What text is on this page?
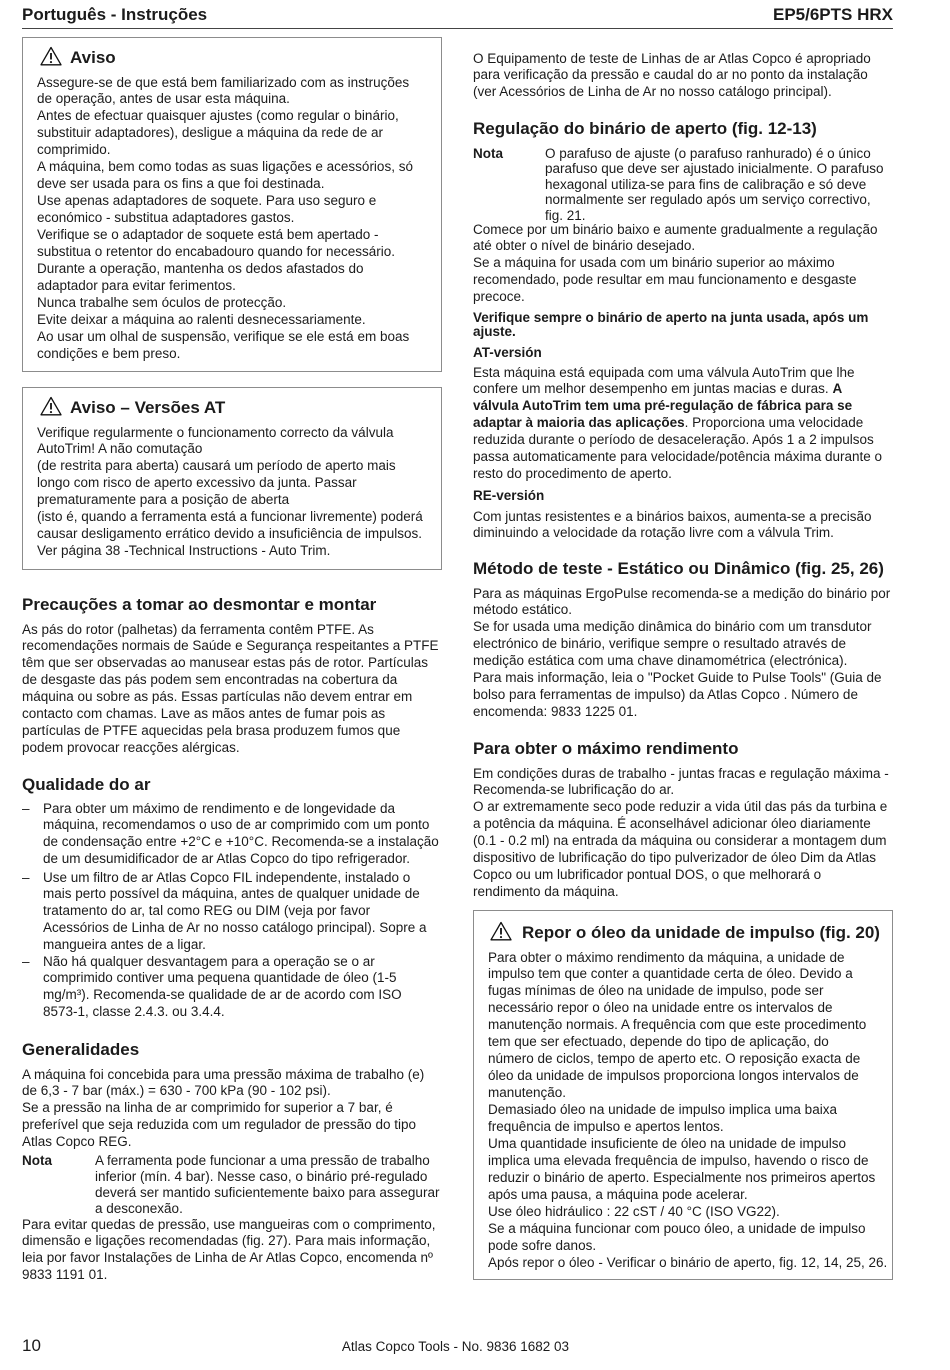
Português - Instruções	EP5/6PTS HRX
Aviso
Assegure-se de que está bem familiarizado com as instruções
de operação, antes de usar esta máquina.
Antes de efectuar quaisquer ajustes (como regular o binário,
substituir adaptadores), desligue a máquina da rede de ar
comprimido.
A máquina, bem como todas as suas ligações e acessórios, só
deve ser usada para os fins a que foi destinada.
Use apenas adaptadores de soquete. Para uso seguro e
económico - substitua adaptadores gastos.
Verifique se o adaptador de soquete está bem apertado -
substitua o retentor do encabadouro quando for necessário.
Durante a operação, mantenha os dedos afastados do
adaptador para evitar ferimentos.
Nunca trabalhe sem óculos de protecção.
Evite deixar a máquina ao ralenti desnecessariamente.
Ao usar um olhal de suspensão, verifique se ele está em boas
condições e bem preso.
Aviso – Versões AT
Verifique regularmente o funcionamento correcto da válvula
AutoTrim! A não comutação
(de restrita para aberta) causará um período de aperto mais
longo com risco de aperto excessivo da junta. Passar
prematuramente para a posição de aberta
(isto é, quando a ferramenta está a funcionar livremente) poderá
causar desligamento errático devido a insuficiência de impulsos.
Ver página 38 -Technical Instructions - Auto Trim.
Precauções a tomar ao desmontar e montar
As pás do rotor (palhetas) da ferramenta contêm PTFE. As
recomendações normais de Saúde e Segurança respeitantes a PTFE
têm que ser observadas ao manusear estas pás de rotor. Partículas
de desgaste das pás podem sem encontradas na cobertura da
máquina ou sobre as pás. Essas partículas não devem entrar em
contacto com chamas. Lave as mãos antes de fumar pois as
partículas de PTFE aquecidas pela brasa produzem fumos que
podem provocar reacções alérgicas.
Qualidade do ar
– Para obter um máximo de rendimento e de longevidade da
máquina, recomendamos o uso de ar comprimido com um ponto
de condensação entre +2°C e +10°C. Recomenda-se a instalação
de um desumidificador de ar Atlas Copco do tipo refrigerador.
– Use um filtro de ar Atlas Copco FIL independente, instalado o
mais perto possível da máquina, antes de qualquer unidade de
tratamento do ar, tal como REG ou DIM (veja por favor
Acessórios de Linha de Ar no nosso catálogo principal). Sopre a
mangueira antes de a ligar.
– Não há qualquer desvantagem para a operação se o ar
comprimido contiver uma pequena quantidade de óleo (1-5
mg/m³). Recomenda-se qualidade de ar de acordo com ISO
8573-1, classe 2.4.3. ou 3.4.4.
Generalidades
A máquina foi concebida para uma pressão máxima de trabalho (e)
de 6,3 - 7 bar (máx.) = 630 - 700 kPa (90 - 102 psi).
Se a pressão na linha de ar comprimido for superior a 7 bar, é
preferível que seja reduzida com um regulador de pressão do tipo
Atlas Copco REG.
Nota	A ferramenta pode funcionar a uma pressão de trabalho
inferior (mín. 4 bar). Nesse caso, o binário pré-regulado
deverá ser mantido suficientemente baixo para assegurar
a desconexão.
Para evitar quedas de pressão, use mangueiras com o comprimento,
dimensão e ligações recomendadas (fig. 27). Para mais informação,
leia por favor Instalações de Linha de Ar Atlas Copco, encomenda nº
9833 1191 01.
O Equipamento de teste de Linhas de ar Atlas Copco é apropriado
para verificação da pressão e caudal do ar no ponto da instalação
(ver Acessórios de Linha de Ar no nosso catálogo principal).
Regulação do binário de aperto (fig. 12-13)
Nota	O parafuso de ajuste (o parafuso ranhurado) é o único
parafuso que deve ser ajustado inicialmente. O parafuso
hexagonal utiliza-se para fins de calibração e só deve
normalmente ser regulado após um serviço correctivo,
fig. 21.
Comece por um binário baixo e aumente gradualmente a regulação
até obter o nível de binário desejado.
Se a máquina for usada com um binário superior ao máximo
recomendado, pode resultar em mau funcionamento e desgaste
precoce.
Verifique sempre o binário de aperto na junta usada, após um
ajuste.
AT-versión
Esta máquina está equipada com uma válvula AutoTrim que lhe
confere um melhor desempenho em juntas macias e duras. A
válvula AutoTrim tem uma pré-regulação de fábrica para se
adaptar à maioria das aplicações. Proporciona uma velocidade
reduzida durante o período de desaceleração. Após 1 a 2 impulsos
passa automaticamente para velocidade/potência máxima durante o
resto do procedimento de aperto.
RE-versión
Com juntas resistentes e a binários baixos, aumenta-se a precisão
diminuindo a velocidade da rotação livre com a válvula Trim.
Método de teste - Estático ou Dinâmico (fig. 25, 26)
Para as máquinas ErgoPulse recomenda-se a medição do binário por
método estático.
Se for usada uma medição dinâmica do binário com um transdutor
electrónico de binário, verifique sempre o resultado através de
medição estática com uma chave dinamométrica (electrónica).
Para mais informação, leia o "Pocket Guide to Pulse Tools" (Guia de
bolso para ferramentas de impulso) da Atlas Copco . Número de
encomenda: 9833 1225 01.
Para obter o máximo rendimento
Em condições duras de trabalho - juntas fracas e regulação máxima -
Recomenda-se lubrificação do ar.
O ar extremamente seco pode reduzir a vida útil das pás da turbina e
a potência da máquina. É aconselhável adicionar óleo diariamente
(0.1 - 0.2 ml) na entrada da máquina ou considerar a montagem dum
dispositivo de lubrificação do tipo pulverizador de óleo Dim da Atlas
Copco ou um lubrificador pontual DOS, o que melhorará o
rendimento da máquina.
Repor o óleo da unidade de impulso (fig. 20)
Para obter o máximo rendimento da máquina, a unidade de
impulso tem que conter a quantidade certa de óleo. Devido a
fugas mínimas de óleo na unidade de impulso, pode ser
necessário repor o óleo na unidade entre os intervalos de
manutenção normais. A frequência com que este procedimento
tem que ser efectuado, depende do tipo de aplicação, do
número de ciclos, tempo de aperto etc. O reposição exacta de
óleo da unidade de impulsos proporciona longos intervalos de
manutenção.
Demasiado óleo na unidade de impulso implica uma baixa
frequência de impulso e apertos lentos.
Uma quantidade insuficiente de óleo na unidade de impulso
implica uma elevada frequência de impulso, havendo o risco de
reduzir o binário de aperto. Especialmente nos primeiros apertos
após uma pausa, a máquina pode acelerar.
Use óleo hidráulico : 22 cST / 40 °C (ISO VG22).
Se a máquina funcionar com pouco óleo, a unidade de impulso
pode sofre danos.
Após repor o óleo - Verificar o binário de aperto, fig. 12, 14, 25, 26.
10	Atlas Copco Tools - No. 9836 1682 03
